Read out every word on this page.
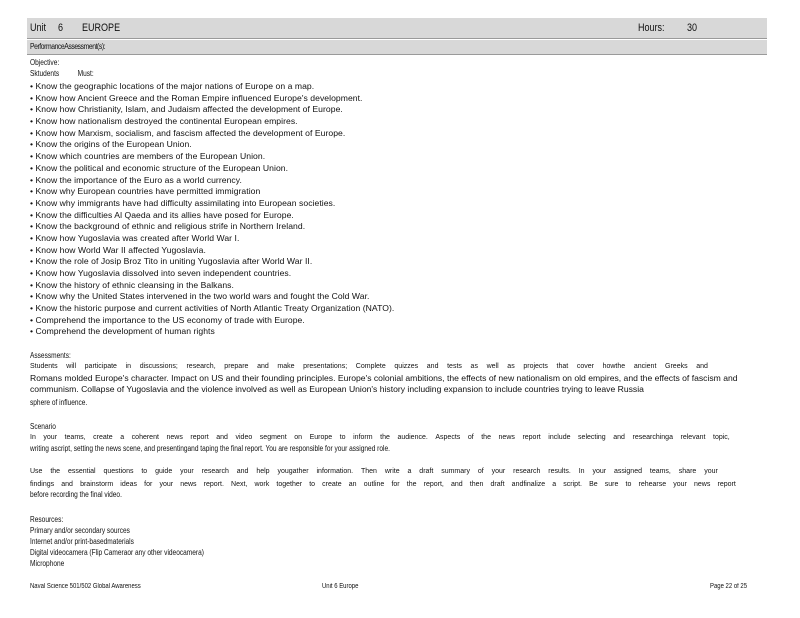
Unit 6 EUROPE	Hours: 30
PerformanceAssessment(s):
Objective:
Sktudents Must:
• Know the geographic locations of the major nations of Europe on a map.
• Know how Ancient Greece and the Roman Empire influenced Europe's development.
• Know how Christianity, Islam, and Judaism affected the development of Europe.
• Know how nationalism destroyed the continental European empires.
• Know how Marxism, socialism, and fascism affected the development of Europe.
• Know the origins of the European Union.
• Know which countries are members of the European Union.
• Know the political and economic structure of the European Union.
• Know the importance of the Euro as a world currency.
• Know why European countries have permitted immigration
• Know why immigrants have had difficulty assimilating into European societies.
• Know the difficulties Al Qaeda and its allies have posed for Europe.
• Know the background of ethnic and religious strife in Northern Ireland.
• Know how Yugoslavia was created after World War I.
• Know how World War II affected Yugoslavia.
• Know the role of Josip Broz Tito in uniting Yugoslavia after World War II.
• Know how Yugoslavia dissolved into seven independent countries.
• Know the history of ethnic cleansing in the Balkans.
• Know why the United States intervened in the two world wars and fought the Cold War.
• Know the historic purpose and current activities of North Atlantic Treaty Organization (NATO).
• Comprehend the importance to the US economy of trade with Europe.
• Comprehend the development of human rights
Assessments:
Students will participate in discussions; research, prepare and make presentations; Complete quizzes and tests as well as projects that cover howthe ancient Greeks and
Romans molded Europe's character. Impact on US and their founding principles. Europe's colonial ambitions, the effects of new nationalism on old empires, and the effects of fascism and communism. Collapse of Yugoslavia and the violence involved as well as European Union's history including expansion to include countries trying to leave Russia
sphere of influence.
Scenario
In your teams, create a coherent news report and video segment on Europe to inform the audience. Aspects of the news report include selecting and researchinga relevant topic,
writing ascript, setting the news scene, and presentingand taping the final report. You are responsible for your assigned role.
Use the essential questions to guide your research and help yougather information. Then write a draft summary of your research results. In your assigned teams, share your
findings and brainstorm ideas for your news report. Next, work together to create an outline for the report, and then draft andfinalize a script. Be sure to rehearse your news report
before recording the final video.
Resources:
Primary and/or secondary sources
Internet and/or print-basedmaterials
Digital videocamera (Flip Cameraor any other videocamera)
Microphone
Naval Science 501/502 Global Awareness	Unit 6 Europe	Page 22 of 25
